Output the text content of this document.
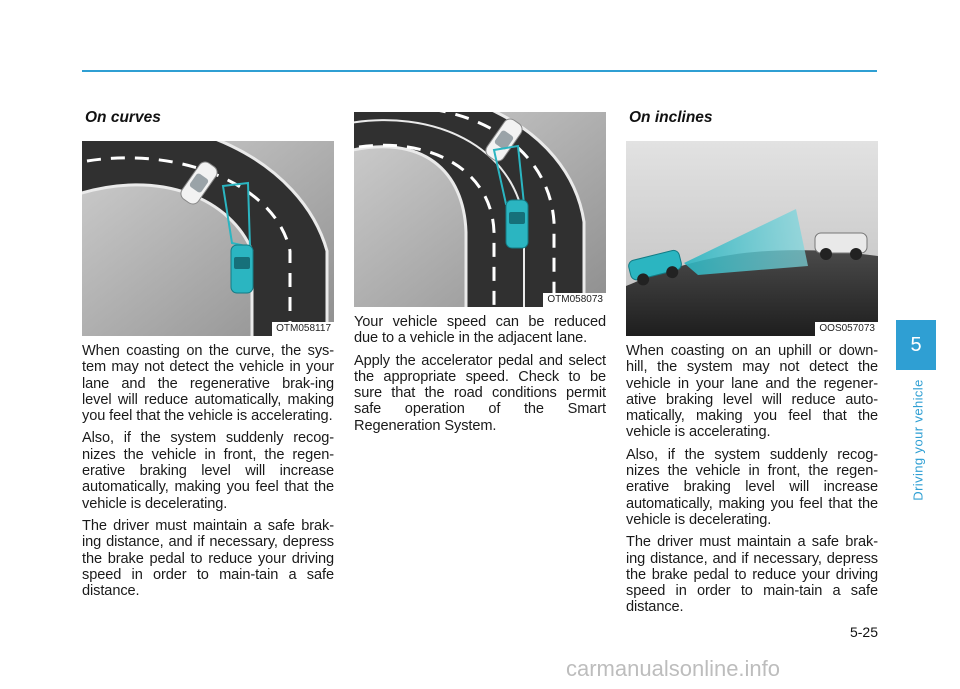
On curves
OTM058117

When coasting on the curve, the sys-tem may not detect the vehicle in your lane and the regenerative brak-ing level will reduce automatically, making you feel that the vehicle is accelerating.

Also, if the system suddenly recog-nizes the vehicle in front, the regen-erative braking level will increase automatically, making you feel that the vehicle is decelerating.

The driver must maintain a safe brak-ing distance, and if necessary, depress the brake pedal to reduce your driving speed in order to main-tain a safe distance.

OTM058073

Your vehicle speed can be reduced due to a vehicle in the adjacent lane.

Apply the accelerator pedal and select the appropriate speed. Check to be sure that the road conditions permit safe operation of the Smart Regeneration System.

On inclines
OOS057073

When coasting on an uphill or down-hill, the system may not detect the vehicle in your lane and the regener-ative braking level will reduce auto-matically, making you feel that the vehicle is accelerating.

Also, if the system suddenly recog-nizes the vehicle in front, the regen-erative braking level will increase automatically, making you feel that the vehicle is decelerating.

The driver must maintain a safe brak-ing distance, and if necessary, depress the brake pedal to reduce your driving speed in order to main-tain a safe distance.

5
Driving your vehicle
5-25
carmanualsonline.info
